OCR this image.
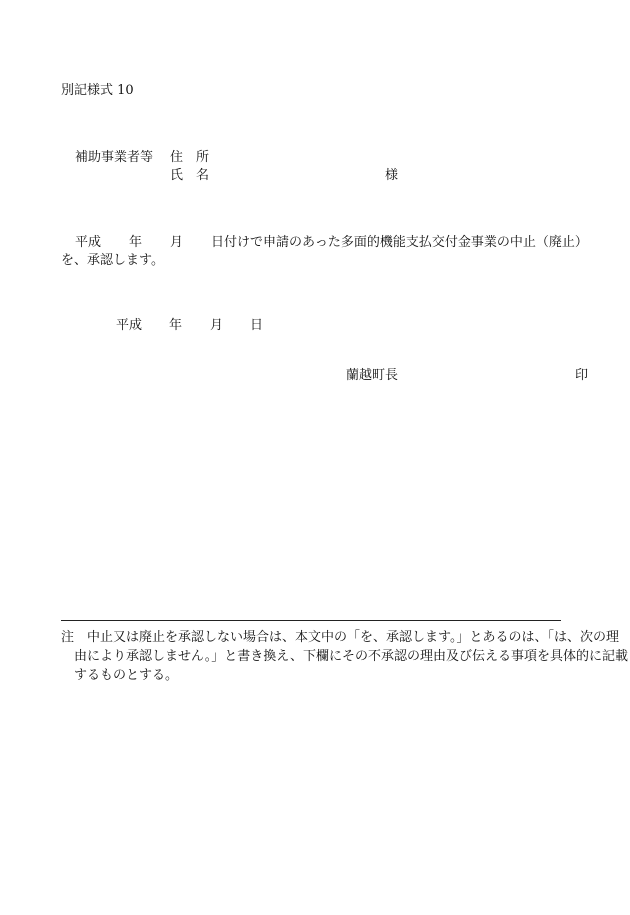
別記様式 10
補助事業者等 住　所
氏　名	様
平成 年 月 日付けで申請のあった多面的機能支払交付金事業の中止（廃止）
を、承認します。
平成 年 月 日
蘭越町長	印
注　中止又は廃止を承認しない場合は、本文中の「を、承認します。」とあるのは、「は、次の理
由により承認しません。」と書き換え、下欄にその不承認の理由及び伝える事項を具体的に記載
するものとする。
